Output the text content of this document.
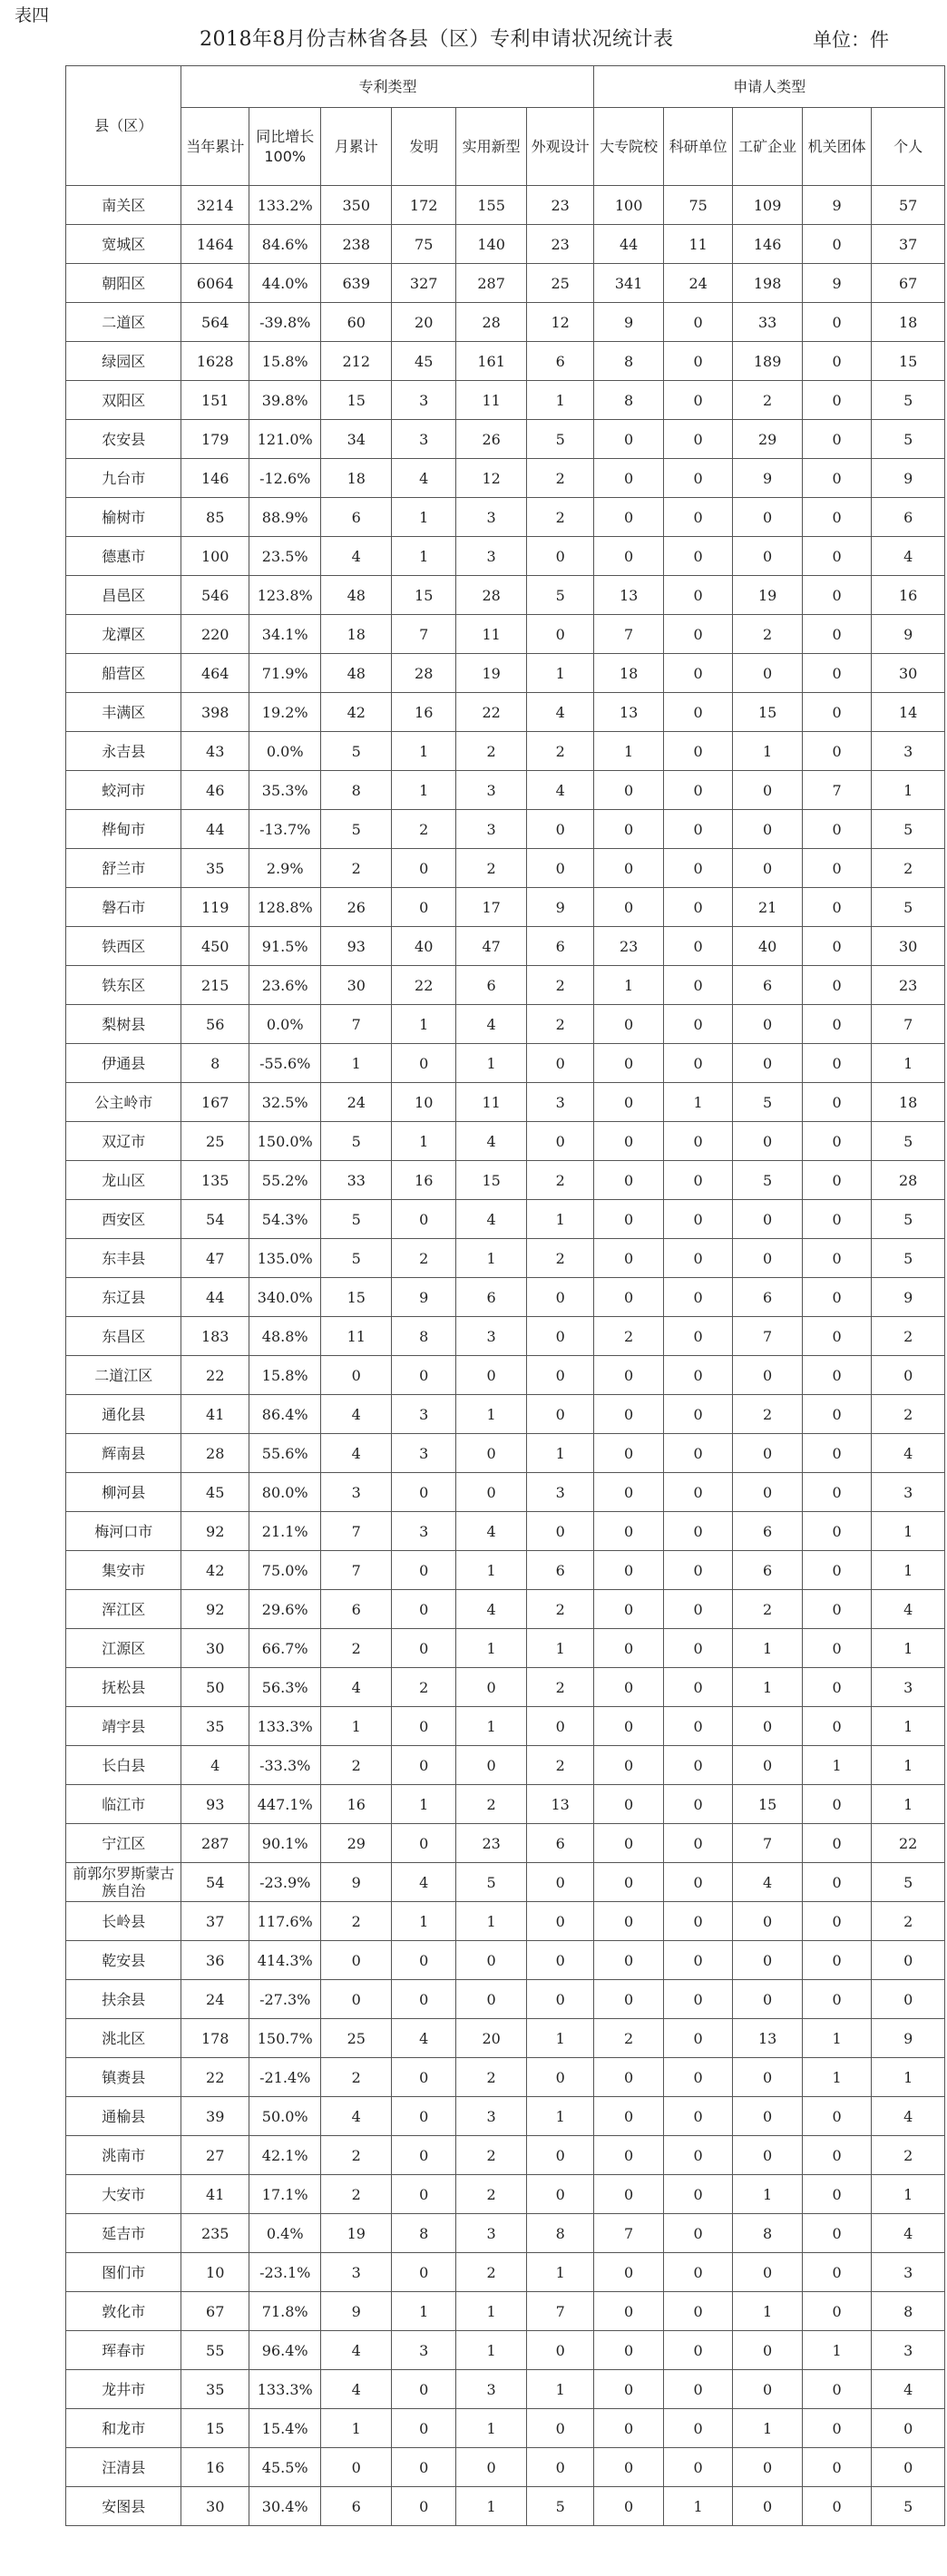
表四
2018年8月份吉林省各县（区）专利申请状况统计表	单位：件
县（区）	专利类型						申请人类型				
	当年累计	同比增长100%	月累计	发明	实用新型	外观设计	大专院校	科研单位	工矿企业	机关团体	个人
南关区	3214	133.2%	350	172	155	23	100	75	109	9	57
宽城区	1464	84.6%	238	75	140	23	44	11	146	0	37
朝阳区	6064	44.0%	639	327	287	25	341	24	198	9	67
二道区	564	-39.8%	60	20	28	12	9	0	33	0	18
绿园区	1628	15.8%	212	45	161	6	8	0	189	0	15
双阳区	151	39.8%	15	3	11	1	8	0	2	0	5
农安县	179	121.0%	34	3	26	5	0	0	29	0	5
九台市	146	-12.6%	18	4	12	2	0	0	9	0	9
榆树市	85	88.9%	6	1	3	2	0	0	0	0	6
德惠市	100	23.5%	4	1	3	0	0	0	0	0	4
昌邑区	546	123.8%	48	15	28	5	13	0	19	0	16
龙潭区	220	34.1%	18	7	11	0	7	0	2	0	9
船营区	464	71.9%	48	28	19	1	18	0	0	0	30
丰满区	398	19.2%	42	16	22	4	13	0	15	0	14
永吉县	43	0.0%	5	1	2	2	1	0	1	0	3
蛟河市	46	35.3%	8	1	3	4	0	0	0	7	1
桦甸市	44	-13.7%	5	2	3	0	0	0	0	0	5
舒兰市	35	2.9%	2	0	2	0	0	0	0	0	2
磐石市	119	128.8%	26	0	17	9	0	0	21	0	5
铁西区	450	91.5%	93	40	47	6	23	0	40	0	30
铁东区	215	23.6%	30	22	6	2	1	0	6	0	23
梨树县	56	0.0%	7	1	4	2	0	0	0	0	7
伊通县	8	-55.6%	1	0	1	0	0	0	0	0	1
公主岭市	167	32.5%	24	10	11	3	0	1	5	0	18
双辽市	25	150.0%	5	1	4	0	0	0	0	0	5
龙山区	135	55.2%	33	16	15	2	0	0	5	0	28
西安区	54	54.3%	5	0	4	1	0	0	0	0	5
东丰县	47	135.0%	5	2	1	2	0	0	0	0	5
东辽县	44	340.0%	15	9	6	0	0	0	6	0	9
东昌区	183	48.8%	11	8	3	0	2	0	7	0	2
二道江区	22	15.8%	0	0	0	0	0	0	0	0	0
通化县	41	86.4%	4	3	1	0	0	0	2	0	2
辉南县	28	55.6%	4	3	0	1	0	0	0	0	4
柳河县	45	80.0%	3	0	0	3	0	0	0	0	3
梅河口市	92	21.1%	7	3	4	0	0	0	6	0	1
集安市	42	75.0%	7	0	1	6	0	0	6	0	1
浑江区	92	29.6%	6	0	4	2	0	0	2	0	4
江源区	30	66.7%	2	0	1	1	0	0	1	0	1
抚松县	50	56.3%	4	2	0	2	0	0	1	0	3
靖宇县	35	133.3%	1	0	1	0	0	0	0	0	1
长白县	4	-33.3%	2	0	0	2	0	0	0	1	1
临江市	93	447.1%	16	1	2	13	0	0	15	0	1
宁江区	287	90.1%	29	0	23	6	0	0	7	0	22
前郭尔罗斯蒙古族自治	54	-23.9%	9	4	5	0	0	0	4	0	5
长岭县	37	117.6%	2	1	1	0	0	0	0	0	2
乾安县	36	414.3%	0	0	0	0	0	0	0	0	0
扶余县	24	-27.3%	0	0	0	0	0	0	0	0	0
洮北区	178	150.7%	25	4	20	1	2	0	13	1	9
镇赉县	22	-21.4%	2	0	2	0	0	0	0	1	1
通榆县	39	50.0%	4	0	3	1	0	0	0	0	4
洮南市	27	42.1%	2	0	2	0	0	0	0	0	2
大安市	41	17.1%	2	0	2	0	0	0	1	0	1
延吉市	235	0.4%	19	8	3	8	7	0	8	0	4
图们市	10	-23.1%	3	0	2	1	0	0	0	0	3
敦化市	67	71.8%	9	1	1	7	0	0	1	0	8
珲春市	55	96.4%	4	3	1	0	0	0	0	1	3
龙井市	35	133.3%	4	0	3	1	0	0	0	0	4
和龙市	15	15.4%	1	0	1	0	0	0	1	0	0
汪清县	16	45.5%	0	0	0	0	0	0	0	0	0
安图县	30	30.4%	6	0	1	5	0	1	0	0	5
